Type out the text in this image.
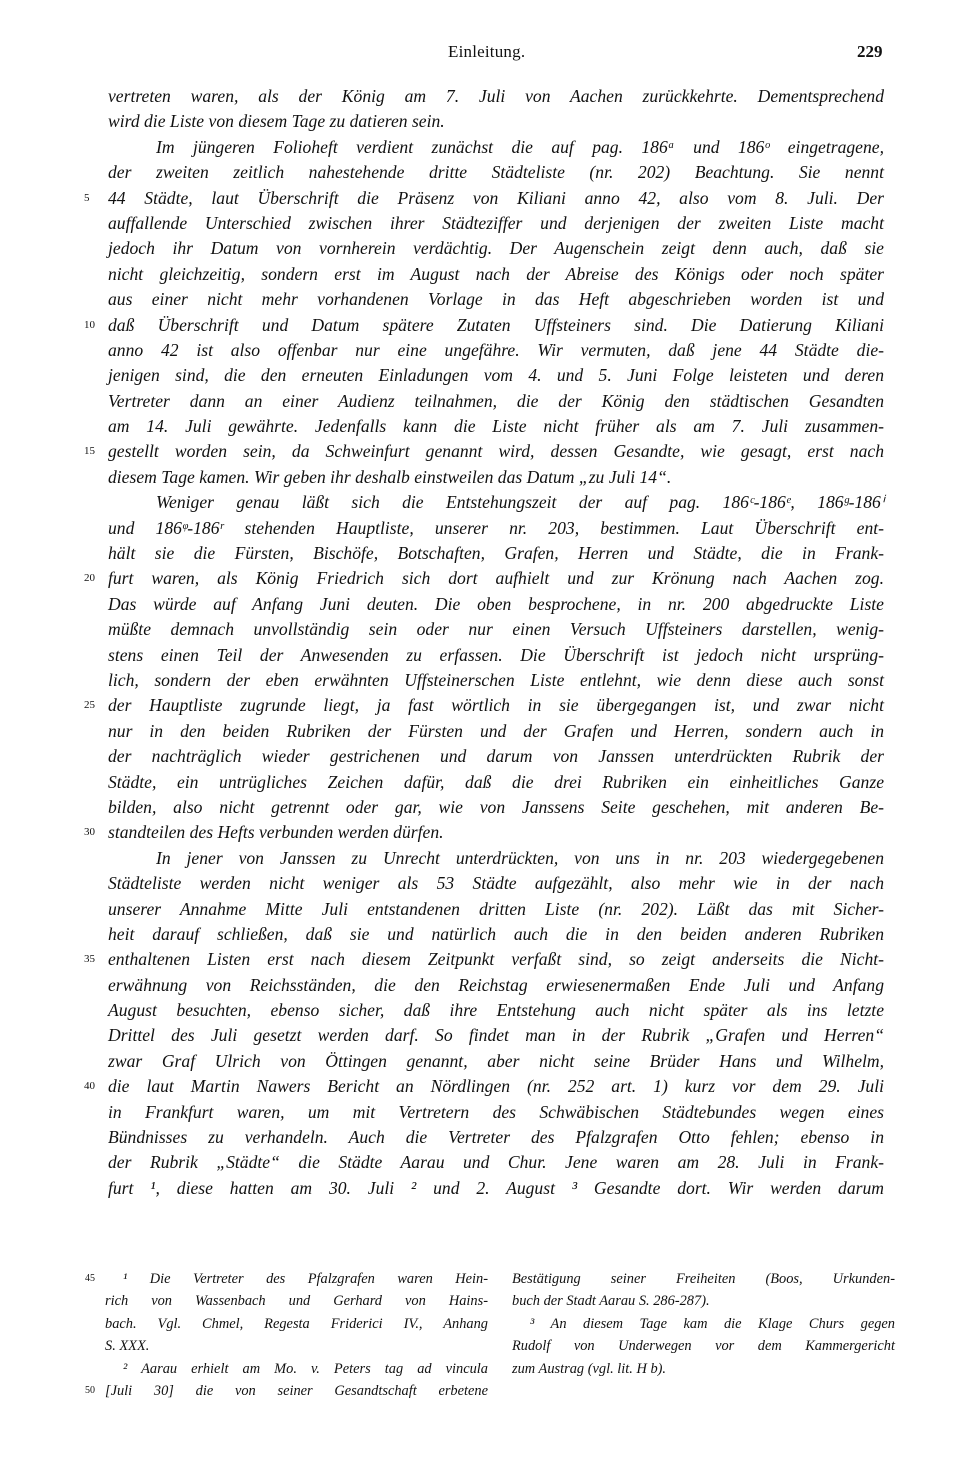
Einleitung.	229
vertreten waren, als der König am 7. Juli von Aachen zurückkehrte. Dementsprechend
wird die Liste von diesem Tage zu datieren sein.
Im jüngeren Folioheft verdient zunächst die auf pag. 186ᵃ und 186ᵒ eingetragene,
der zweiten zeitlich nahestehende dritte Städteliste (nr. 202) Beachtung. Sie nennt
5	44 Städte, laut Überschrift die Präsenz von Kiliani anno 42, also vom 8. Juli. Der
auffallende Unterschied zwischen ihrer Städteziffer und derjenigen der zweiten Liste macht
jedoch ihr Datum von vornherein verdächtig. Der Augenschein zeigt denn auch, daß sie
nicht gleichzeitig, sondern erst im August nach der Abreise des Königs oder noch später
aus einer nicht mehr vorhandenen Vorlage in das Heft abgeschrieben worden ist und
10 daß Überschrift und Datum spätere Zutaten Uffsteiners sind. Die Datierung Kiliani
anno 42 ist also offenbar nur eine ungefähre. Wir vermuten, daß jene 44 Städte die-
jenigen sind, die den erneuten Einladungen vom 4. und 5. Juni Folge leisteten und deren
Vertreter dann an einer Audienz teilnahmen, die der König den städtischen Gesandten
am 14. Juli gewährte. Jedenfalls kann die Liste nicht früher als am 7. Juli zusammen-
15 gestellt worden sein, da Schweinfurt genannt wird, dessen Gesandte, wie gesagt, erst nach
diesem Tage kamen. Wir geben ihr deshalb einstweilen das Datum „zu Juli 14“.
Weniger genau läßt sich die Entstehungszeit der auf pag. 186ᶜ-186ᵉ, 186ᵍ-186ⁱ
und 186ᵠ-186ʳ stehenden Hauptliste, unserer nr. 203, bestimmen. Laut Überschrift ent-
hält sie die Fürsten, Bischöfe, Botschaften, Grafen, Herren und Städte, die in Frank-
20 furt waren, als König Friedrich sich dort aufhielt und zur Krönung nach Aachen zog.
Das würde auf Anfang Juni deuten. Die oben besprochene, in nr. 200 abgedruckte Liste
müßte demnach unvollständig sein oder nur einen Versuch Uffsteiners darstellen, wenig-
stens einen Teil der Anwesenden zu erfassen. Die Überschrift ist jedoch nicht ursprüng-
lich, sondern der eben erwähnten Uffsteinerschen Liste entlehnt, wie denn diese auch sonst
25 der Hauptliste zugrunde liegt, ja fast wörtlich in sie übergegangen ist, und zwar nicht
nur in den beiden Rubriken der Fürsten und der Grafen und Herren, sondern auch in
der nachträglich wieder gestrichenen und darum von Janssen unterdrückten Rubrik der
Städte, ein untrügliches Zeichen dafür, daß die drei Rubriken ein einheitliches Ganze
bilden, also nicht getrennt oder gar, wie von Janssens Seite geschehen, mit anderen Be-
30 standteilen des Hefts verbunden werden dürfen.
In jener von Janssen zu Unrecht unterdrückten, von uns in nr. 203 wiedergegebenen
Städteliste werden nicht weniger als 53 Städte aufgezählt, also mehr wie in der nach
unserer Annahme Mitte Juli entstandenen dritten Liste (nr. 202). Läßt das mit Sicher-
heit darauf schließen, daß sie und natürlich auch die in den beiden anderen Rubriken
35 enthaltenen Listen erst nach diesem Zeitpunkt verfaßt sind, so zeigt anderseits die Nicht-
erwähnung von Reichsständen, die den Reichstag erwiesenermaßen Ende Juli und Anfang
August besuchten, ebenso sicher, daß ihre Entstehung auch nicht später als ins letzte
Drittel des Juli gesetzt werden darf. So findet man in der Rubrik „Grafen und Herren“
zwar Graf Ulrich von Öttingen genannt, aber nicht seine Brüder Hans und Wilhelm,
40 die laut Martin Nawers Bericht an Nördlingen (nr. 252 art. 1) kurz vor dem 29. Juli
in Frankfurt waren, um mit Vertretern des Schwäbischen Städtebundes wegen eines
Bündnisses zu verhandeln. Auch die Vertreter des Pfalzgrafen Otto fehlen; ebenso in
der Rubrik „Städte“ die Städte Aarau und Chur. Jene waren am 28. Juli in Frank-
furt ¹, diese hatten am 30. Juli ² und 2. August ³ Gesandte dort. Wir werden darum
45	¹ Die Vertreter des Pfalzgrafen waren Hein-
rich von Wassenbach und Gerhard von Hains-
bach. Vgl. Chmel, Regesta Friderici IV., Anhang
S. XXX.
² Aarau erhielt am Mo. v. Peters tag ad vincula
50 [Juli 30] die von seiner Gesandtschaft erbetene
Bestätigung seiner Freiheiten (Boos, Urkunden-
buch der Stadt Aarau S. 286-287).
³ An diesem Tage kam die Klage Churs gegen
Rudolf von Underwegen vor dem Kammergericht
zum Austrag (vgl. lit. H b).
